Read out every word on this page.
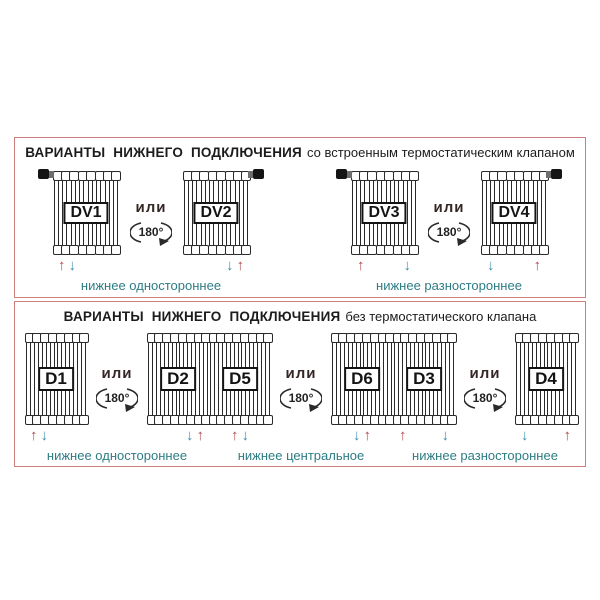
ВАРИАНТЫ НИЖНЕГО ПОДКЛЮЧЕНИЯ со встроенным термостатическим клапаном
DV1
↑ ↓
или
180°
DV2
↓ ↑
нижнее одностороннее
DV3
↑	↓
или
180°
DV4
↓	↑
нижнее разностороннее
ВАРИАНТЫ НИЖНЕГО ПОДКЛЮЧЕНИЯ без термостатического клапана
D1
↑ ↓
или
180°
D2
↓ ↑
нижнее одностороннее
D5
↑ ↓
или
180°
D6
↓ ↑
нижнее центральное
D3
↑ ↓
или
180°
D4
↓ ↑
нижнее разностороннее
